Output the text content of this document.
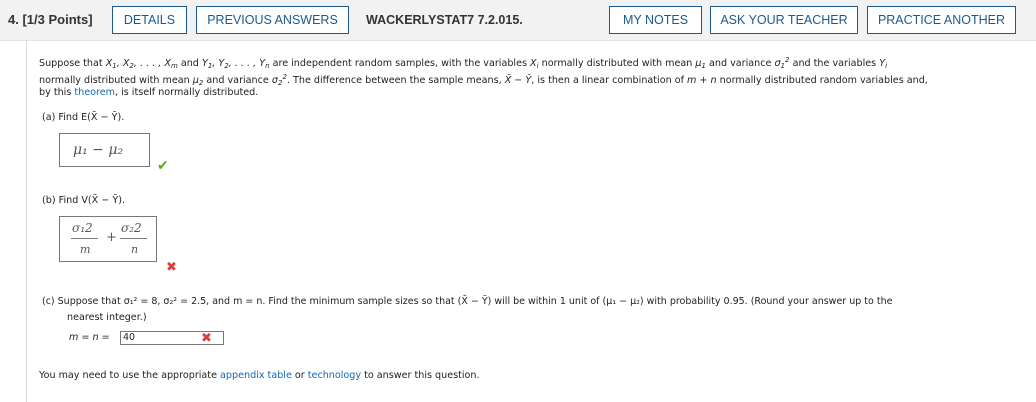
4. [1/3 Points]	DETAILS	PREVIOUS ANSWERS	WACKERLYSTAT7 7.2.015.	MY NOTES	ASK YOUR TEACHER	PRACTICE ANOTHER
Suppose that $X_1$, $X_2$, . . . , $X_m$ and $Y_1$, $Y_2$, . . . , $Y_n$ are independent random samples, with the variables $X_i$ normally distributed with mean $\mu_1$ and variance $\sigma_1^2$ and the variables $Y_i$
normally distributed with mean $\mu_2$ and variance $\sigma_2^2$. The difference between the sample means, X̄ − Ȳ, is then a linear combination of m + n normally distributed random variables and,
by this theorem, is itself normally distributed.
(a) Find E(X̄ − Ȳ).
μ₁ − μ₂
✔
(b) Find V(X̄ − Ȳ).
σ₁2
m
+
σ₂2
n
✖
(c) Suppose that σ₁² = 8, σ₂² = 2.5, and m = n. Find the minimum sample sizes so that (X̄ − Ȳ) will be within 1 unit of (μ₁ − μ₂) with probability 0.95. (Round your answer up to the
nearest integer.)
m = n =	40	✖
You may need to use the appropriate appendix table or technology to answer this question.
